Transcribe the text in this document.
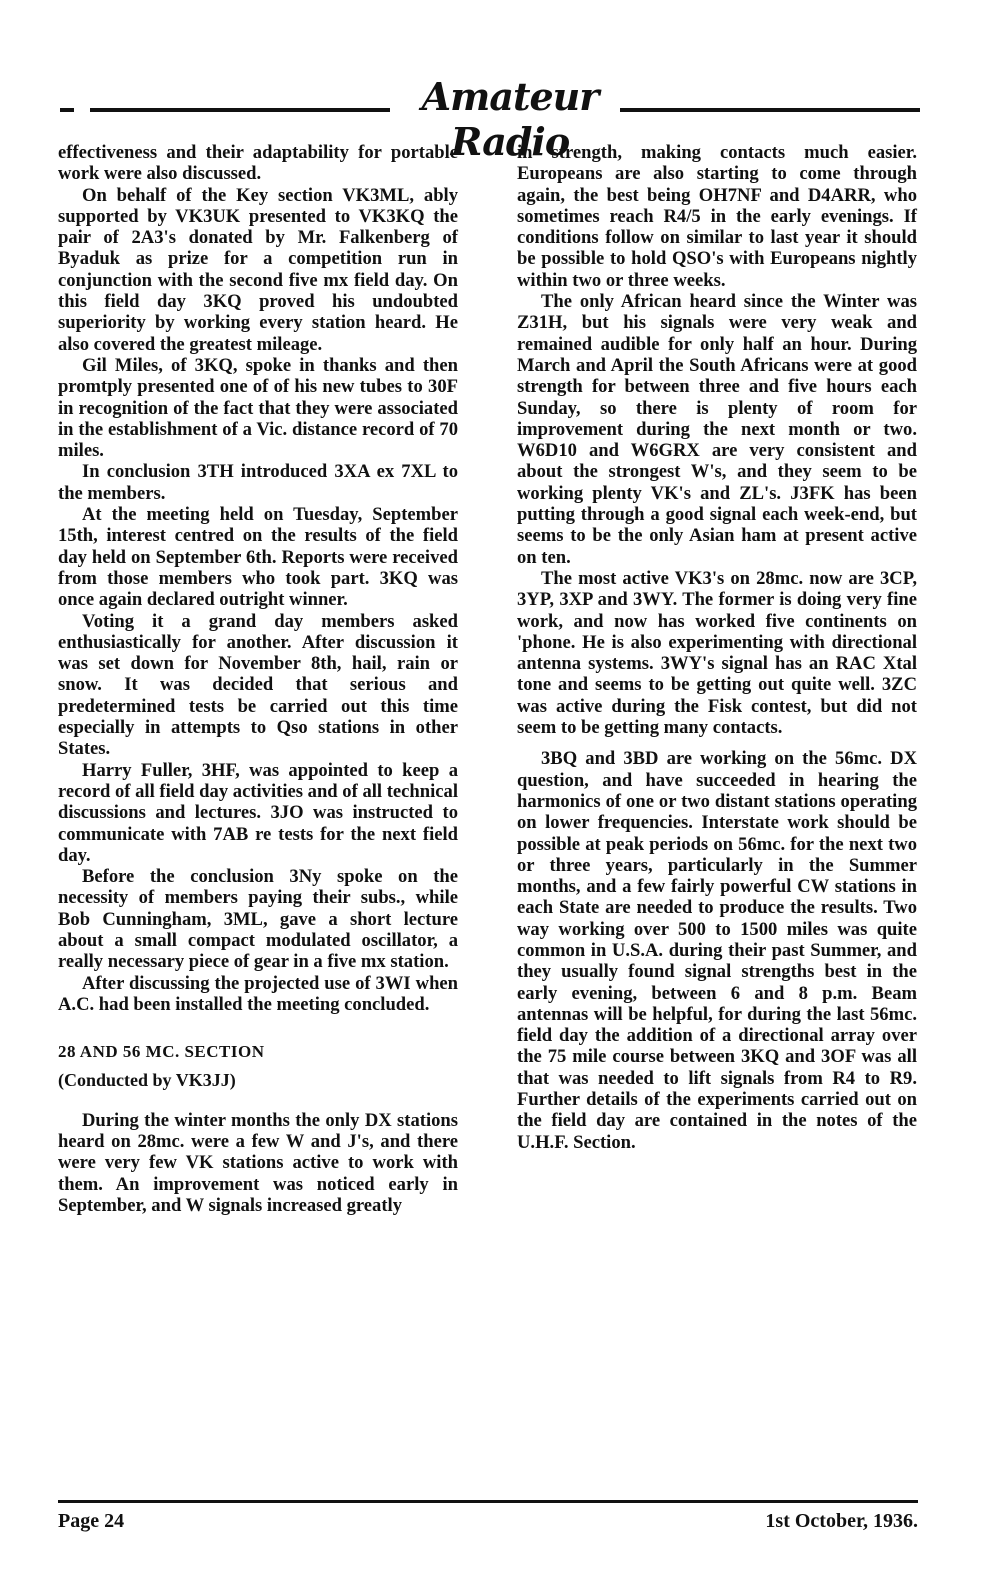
Amateur Radio

effectiveness and their adaptability for portable work were also discussed.

On behalf of the Key section VK3ML, ably supported by VK3UK presented to VK3KQ the pair of 2A3's donated by Mr. Falkenberg of Byaduk as prize for a competition run in conjunction with the second five mx field day. On this field day 3KQ proved his undoubted superiority by working every station heard. He also covered the greatest mileage.

Gil Miles, of 3KQ, spoke in thanks and then promtply presented one of of his new tubes to 30F in recognition of the fact that they were associated in the establishment of a Vic. distance record of 70 miles.

In conclusion 3TH introduced 3XA ex 7XL to the members.

At the meeting held on Tuesday, September 15th, interest centred on the results of the field day held on September 6th. Reports were received from those members who took part. 3KQ was once again declared outright winner.

Voting it a grand day members asked enthusiastically for another. After discussion it was set down for November 8th, hail, rain or snow. It was decided that serious and predetermined tests be carried out this time especially in attempts to Qso stations in other States.

Harry Fuller, 3HF, was appointed to keep a record of all field day activities and of all technical discussions and lectures. 3JO was instructed to communicate with 7AB re tests for the next field day.

Before the conclusion 3Ny spoke on the necessity of members paying their subs., while Bob Cunningham, 3ML, gave a short lecture about a small compact modulated oscillator, a really necessary piece of gear in a five mx station.

After discussing the projected use of 3WI when A.C. had been installed the meeting concluded.

28 AND 56 MC. SECTION

(Conducted by VK3JJ)

During the winter months the only DX stations heard on 28mc. were a few W and J's, and there were very few VK stations active to work with them. An improvement was noticed early in September, and W signals increased greatly

in strength, making contacts much easier. Europeans are also starting to come through again, the best being OH7NF and D4ARR, who sometimes reach R4/5 in the early evenings. If conditions follow on similar to last year it should be possible to hold QSO's with Europeans nightly within two or three weeks.

The only African heard since the Winter was Z31H, but his signals were very weak and remained audible for only half an hour. During March and April the South Africans were at good strength for between three and five hours each Sunday, so there is plenty of room for improvement during the next month or two. W6D10 and W6GRX are very consistent and about the strongest W's, and they seem to be working plenty VK's and ZL's. J3FK has been putting through a good signal each week-end, but seems to be the only Asian ham at present active on ten.

The most active VK3's on 28mc. now are 3CP, 3YP, 3XP and 3WY. The former is doing very fine work, and now has worked five continents on 'phone. He is also experimenting with directional antenna systems. 3WY's signal has an RAC Xtal tone and seems to be getting out quite well. 3ZC was active during the Fisk contest, but did not seem to be getting many contacts.

3BQ and 3BD are working on the 56mc. DX question, and have succeeded in hearing the harmonics of one or two distant stations operating on lower frequencies. Interstate work should be possible at peak periods on 56mc. for the next two or three years, particularly in the Summer months, and a few fairly powerful CW stations in each State are needed to produce the results. Two way working over 500 to 1500 miles was quite common in U.S.A. during their past Summer, and they usually found signal strengths best in the early evening, between 6 and 8 p.m. Beam antennas will be helpful, for during the last 56mc. field day the addition of a directional array over the 75 mile course between 3KQ and 3OF was all that was needed to lift signals from R4 to R9. Further details of the experiments carried out on the field day are contained in the notes of the U.H.F. Section.

Page 24	1st October, 1936.
